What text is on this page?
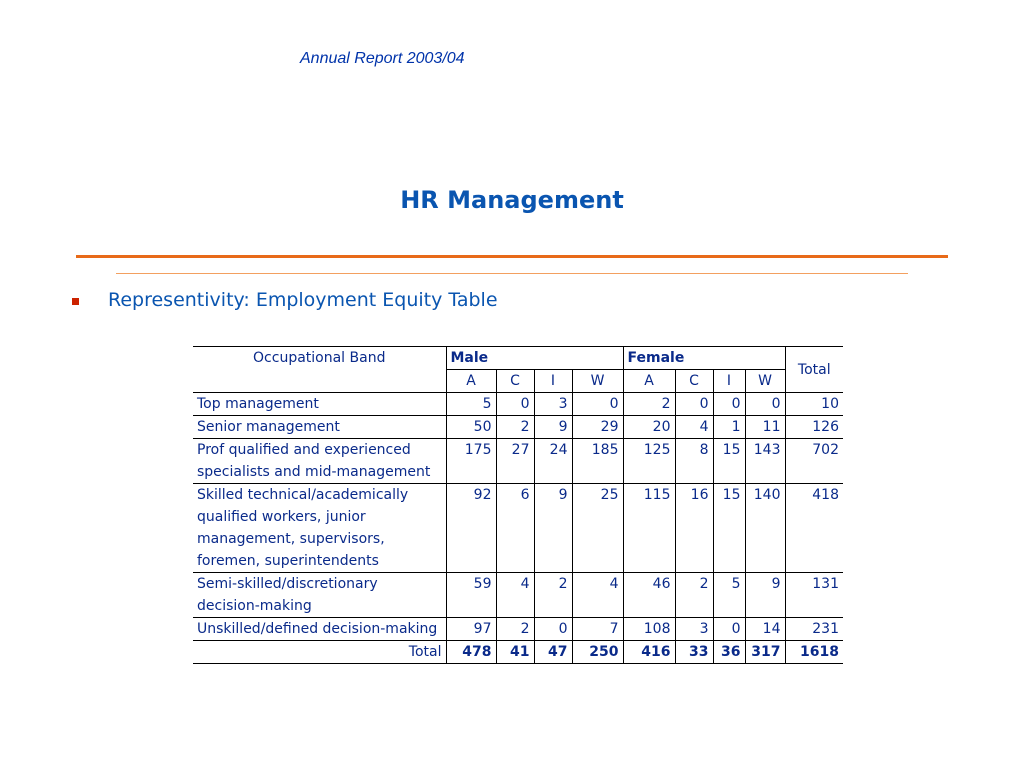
Annual Report 2003/04
HR Management
Representivity: Employment Equity Table
Occupational Band	Male				Female				Total
	A	C	I	W	A	C	I	W	
Top management	5	0	3	0	2	0	0	0	10
Senior management	50	2	9	29	20	4	1	11	126
Prof qualified and experienced specialists and mid-management	175	27	24	185	125	8	15	143	702
Skilled technical/academically qualified workers, junior management, supervisors, foremen, superintendents	92	6	9	25	115	16	15	140	418
Semi-skilled/discretionary decision-making	59	4	2	4	46	2	5	9	131
Unskilled/defined decision-making	97	2	0	7	108	3	0	14	231
Total	478	41	47	250	416	33	36	317	1618
